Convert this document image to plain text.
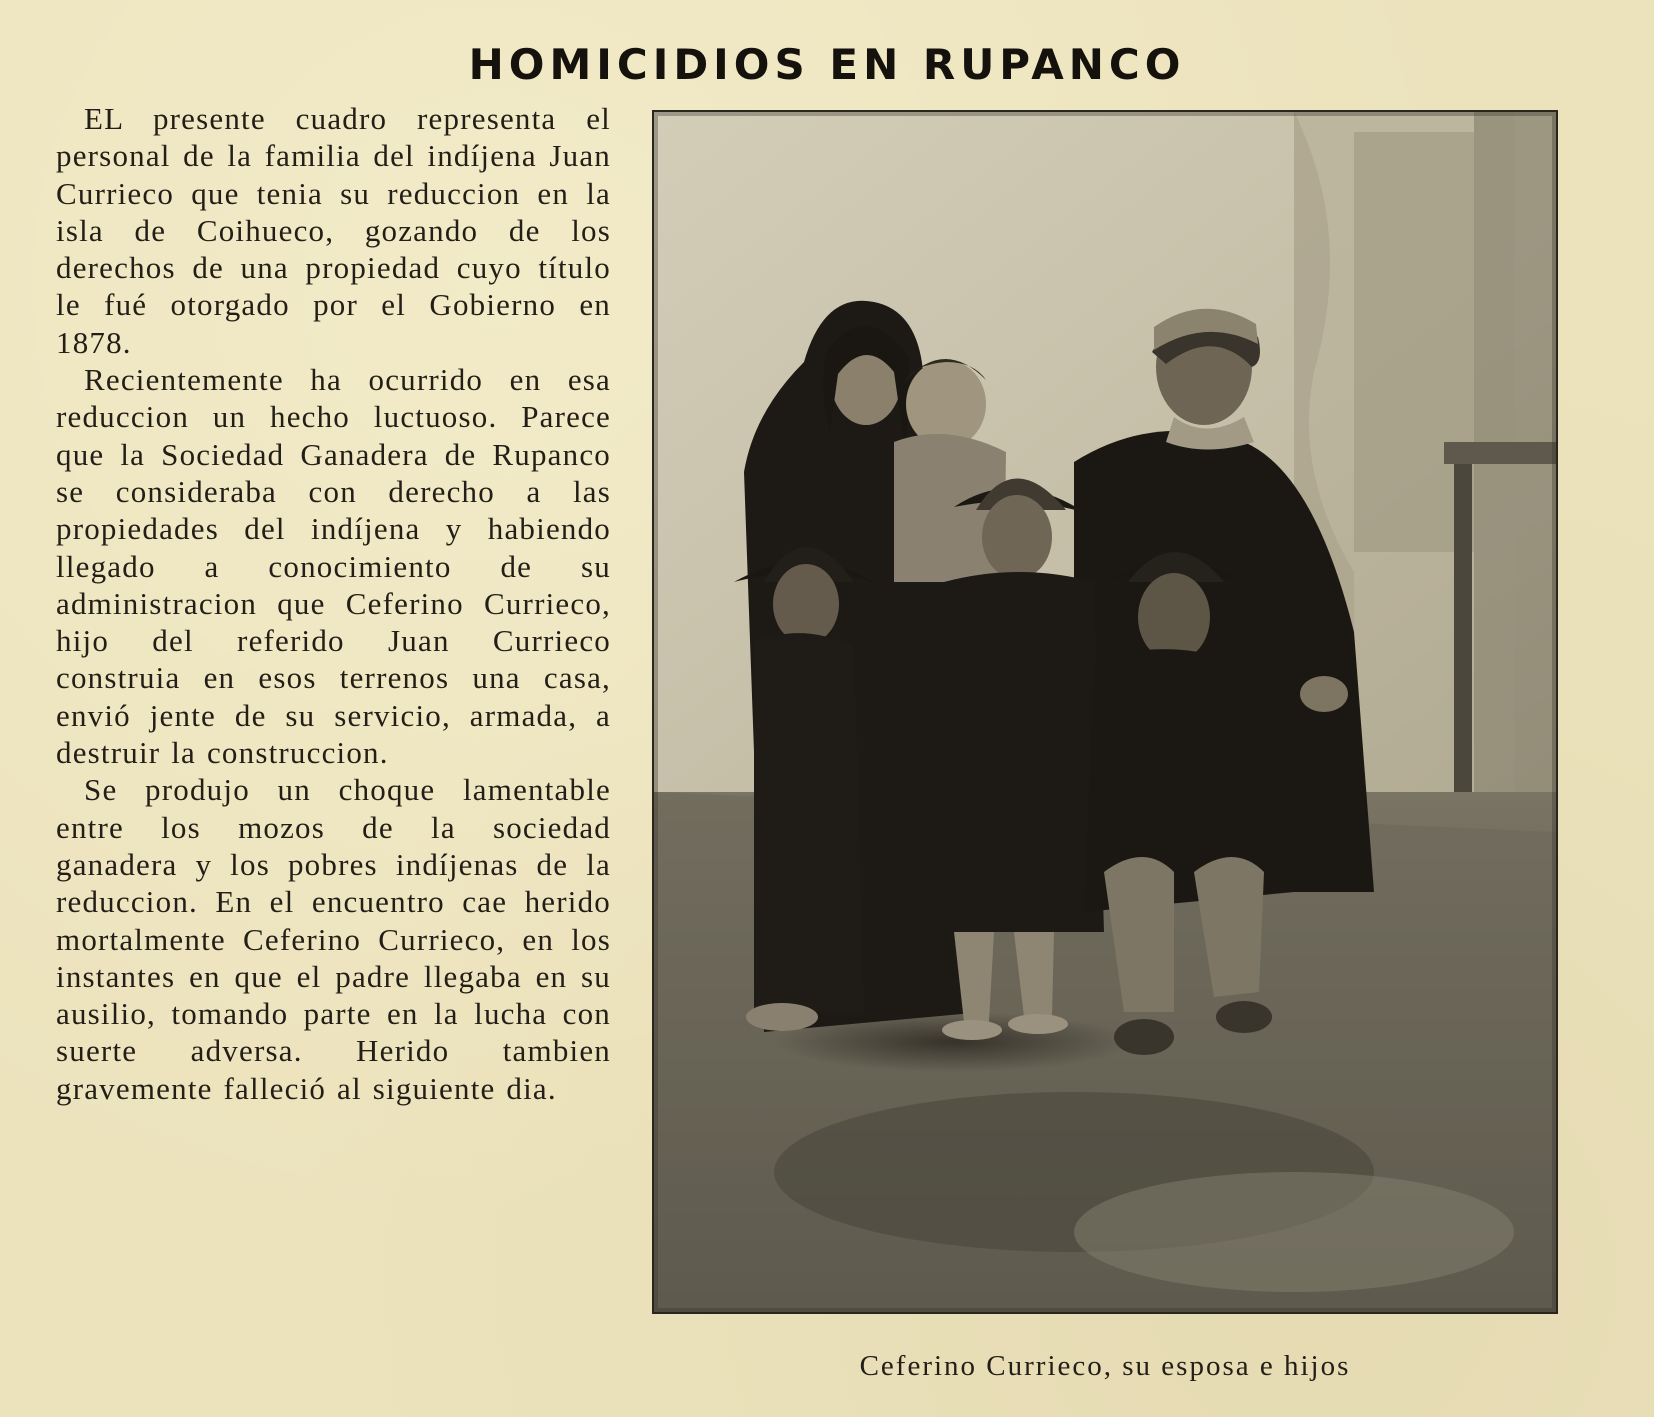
HOMICIDIOS EN RUPANCO

EL presente cuadro representa el personal de la familia del indíjena Juan Currieco que tenia su reduccion en la isla de Coihueco, gozando de los derechos de una propiedad cuyo título le fué otorgado por el Gobierno en 1878.

Recientemente ha ocurrido en esa reduccion un hecho luctuoso. Parece que la Sociedad Ganadera de Rupanco se consideraba con derecho a las propiedades del indíjena y habiendo llegado a conocimiento de su administracion que Ceferino Currieco, hijo del referido Juan Currieco construia en esos terrenos una casa, envió jente de su servicio, armada, a destruir la construccion.

Se produjo un choque lamentable entre los mozos de la sociedad ganadera y los pobres indíjenas de la reduccion. En el encuentro cae herido mortalmente Ceferino Currieco, en los instantes en que el padre llegaba en su ausilio, tomando parte en la lucha con suerte adversa. Herido tambien gravemente falleció al siguiente dia.

Ceferino Currieco, su esposa e hijos
